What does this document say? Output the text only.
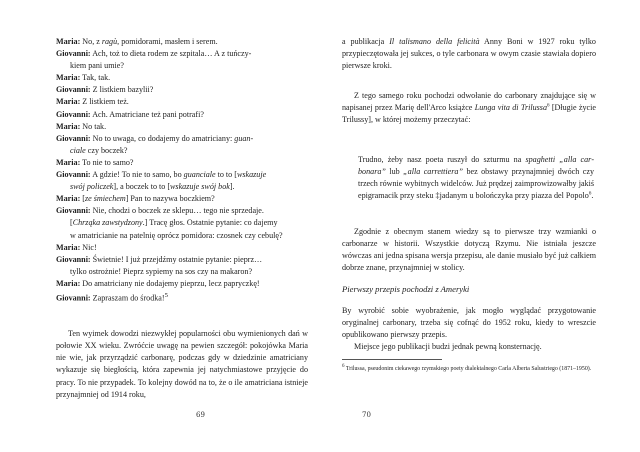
Maria: No, z ragù, pomidorami, masłem i serem.

Giovanni: Ach, toż to dieta rodem ze szpitala… A z tuńczy-

kiem pani umie?

Maria: Tak, tak.

Giovanni: Z listkiem bazylii?

Maria: Z listkiem też.

Giovanni: Ach. Amatriciane też pani potrafi?

Maria: No tak.

Giovanni: No to uwaga, co dodajemy do amatriciany: guan-

ciale czy boczek?

Maria: To nie to samo?

Giovanni: A gdzie! To nie to samo, bo guanciale to to [wskazuje

swój policzek], a boczek to to [wskazuje swój bok].

Maria: [ze śmiechem] Pan to nazywa boczkiem?

Giovanni: Nie, chodzi o boczek ze sklepu… tego nie sprzedaje.

[Chrząka zawstydzony.] Tracę głos. Ostatnie pytanie: co dajemy

w amatricianie na patelnię oprócz pomidora: czosnek czy cebulę?

Maria: Nic!

Giovanni: Świetnie! I już przejdźmy ostatnie pytanie: pieprz…

tylko ostrożnie! Pieprz sypiemy na sos czy na makaron?

Maria: Do amatriciany nie dodajemy pieprzu, lecz papryczkę!

Giovanni: Zapraszam do środka!$^5$

Ten wyimek dowodzi niezwykłej popularności obu wymienionych dań w połowie XX wieku. Zwróćcie uwagę na pewien szczegół: pokojówka Maria nie wie, jak przyrządzić carbonarę, podczas gdy w dziedzinie amatriciany wykazuje się biegłością, która zapewnia jej natychmiastowe przyjęcie do pracy. To nie przypadek. To kolejny dowód na to, że o ile amatriciana istnieje przynajmniej od 1914 roku,

69

a publikacja Il talismano della felicità Anny Boni w 1927 roku tylko przypieczętowała jej sukces, o tyle carbonara w owym czasie stawiała dopiero pierwsze kroki.

Z tego samego roku pochodzi odwołanie do carbonary znajdujące się w napisanej przez Marię dell'Arco książce Lunga vita di Trilussa$^6$ [Długie życie Trilussy], w której możemy przeczytać:

Trudno, żeby nasz poeta ruszył do szturmu na spaghetti „alla carbonara” lub „alla carrettiera” bez obstawy przynajmniej dwóch czy trzech równie wybitnych widelców. Już prędzej zaimprowizowałby jakiś epigramacik przy steku ‡jadanym u bolończyka przy piazza del Popolo$^6$.

Zgodnie z obecnym stanem wiedzy są to pierwsze trzy wzmianki o carbonarze w historii. Wszystkie dotyczą Rzymu. Nie istniała jeszcze wówczas ani jedna spisana wersja przepisu, ale danie musiało być już całkiem dobrze znane, przynajmniej w stolicy.

Pierwszy przepis pochodzi z Ameryki

By wyrobić sobie wyobrażenie, jak mogło wyglądać przygotowanie oryginalnej carbonary, trzeba się cofnąć do 1952 roku, kiedy to wreszcie opublikowano pierwszy przepis.

Miejsce jego publikacji budzi jednak pewną konsternację.

$^6$ Trilussa, pseudonim ciekawego rzymskiego poety dialektalnego Carla Alberta Salustriego (1871–1950).
70
